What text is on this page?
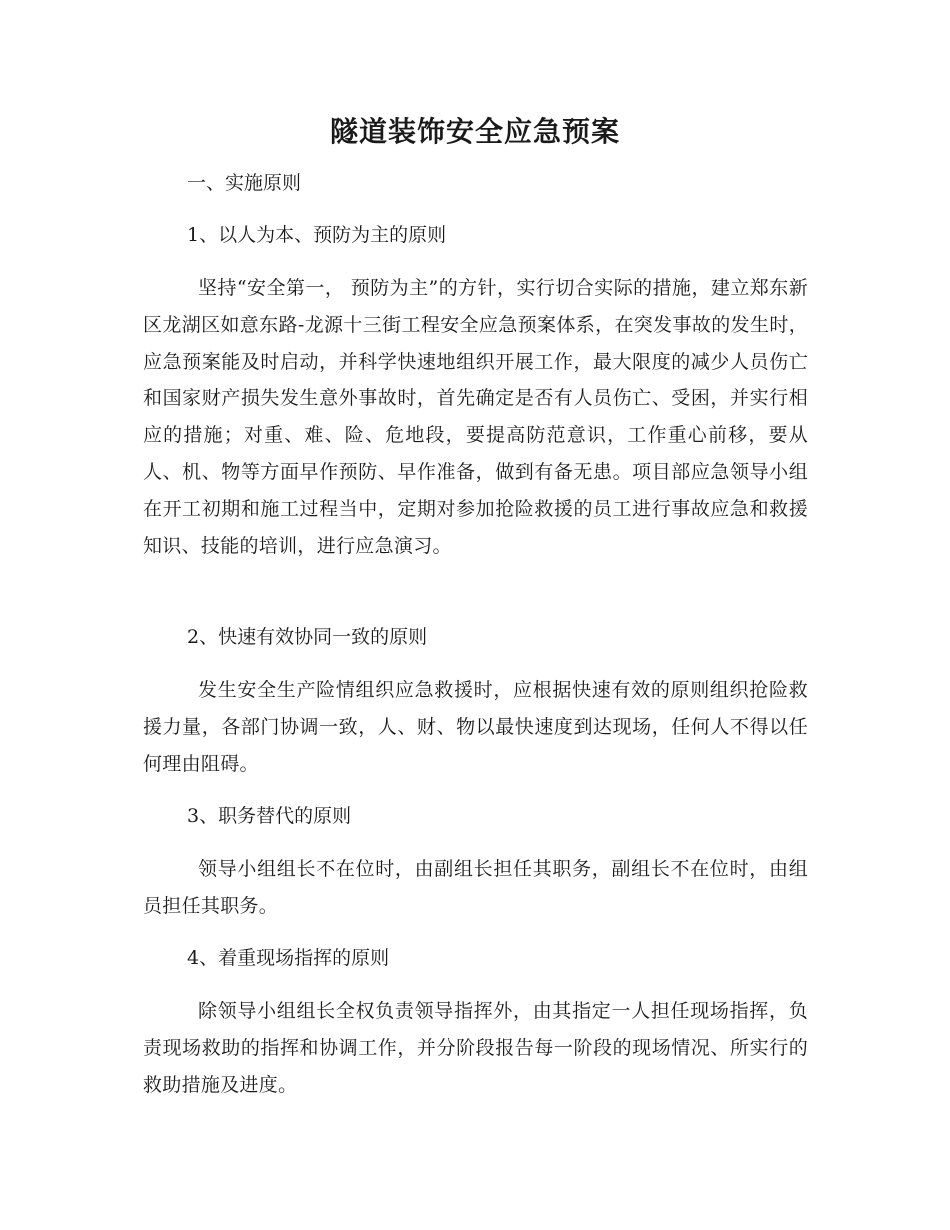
隧道装饰安全应急预案
一、实施原则
1、以人为本、预防为主的原则
坚持“安全第一， 预防为主”的方针，实行切合实际的措施，建立郑东新区龙湖区如意东路-龙源十三街工程安全应急预案体系，在突发事故的发生时，应急预案能及时启动，并科学快速地组织开展工作，最大限度的减少人员伤亡和国家财产损失发生意外事故时，首先确定是否有人员伤亡、受困，并实行相应的措施；对重、难、险、危地段，要提高防范意识，工作重心前移，要从人、机、物等方面早作预防、早作准备，做到有备无患。项目部应急领导小组在开工初期和施工过程当中，定期对参加抢险救援的员工进行事故应急和救援知识、技能的培训，进行应急演习。
2、快速有效协同一致的原则
发生安全生产险情组织应急救援时，应根据快速有效的原则组织抢险救援力量，各部门协调一致，人、财、物以最快速度到达现场，任何人不得以任何理由阻碍。
3、职务替代的原则
领导小组组长不在位时，由副组长担任其职务，副组长不在位时，由组员担任其职务。
4、着重现场指挥的原则
除领导小组组长全权负责领导指挥外，由其指定一人担任现场指挥，负责现场救助的指挥和协调工作，并分阶段报告每一阶段的现场情况、所实行的救助措施及进度。
